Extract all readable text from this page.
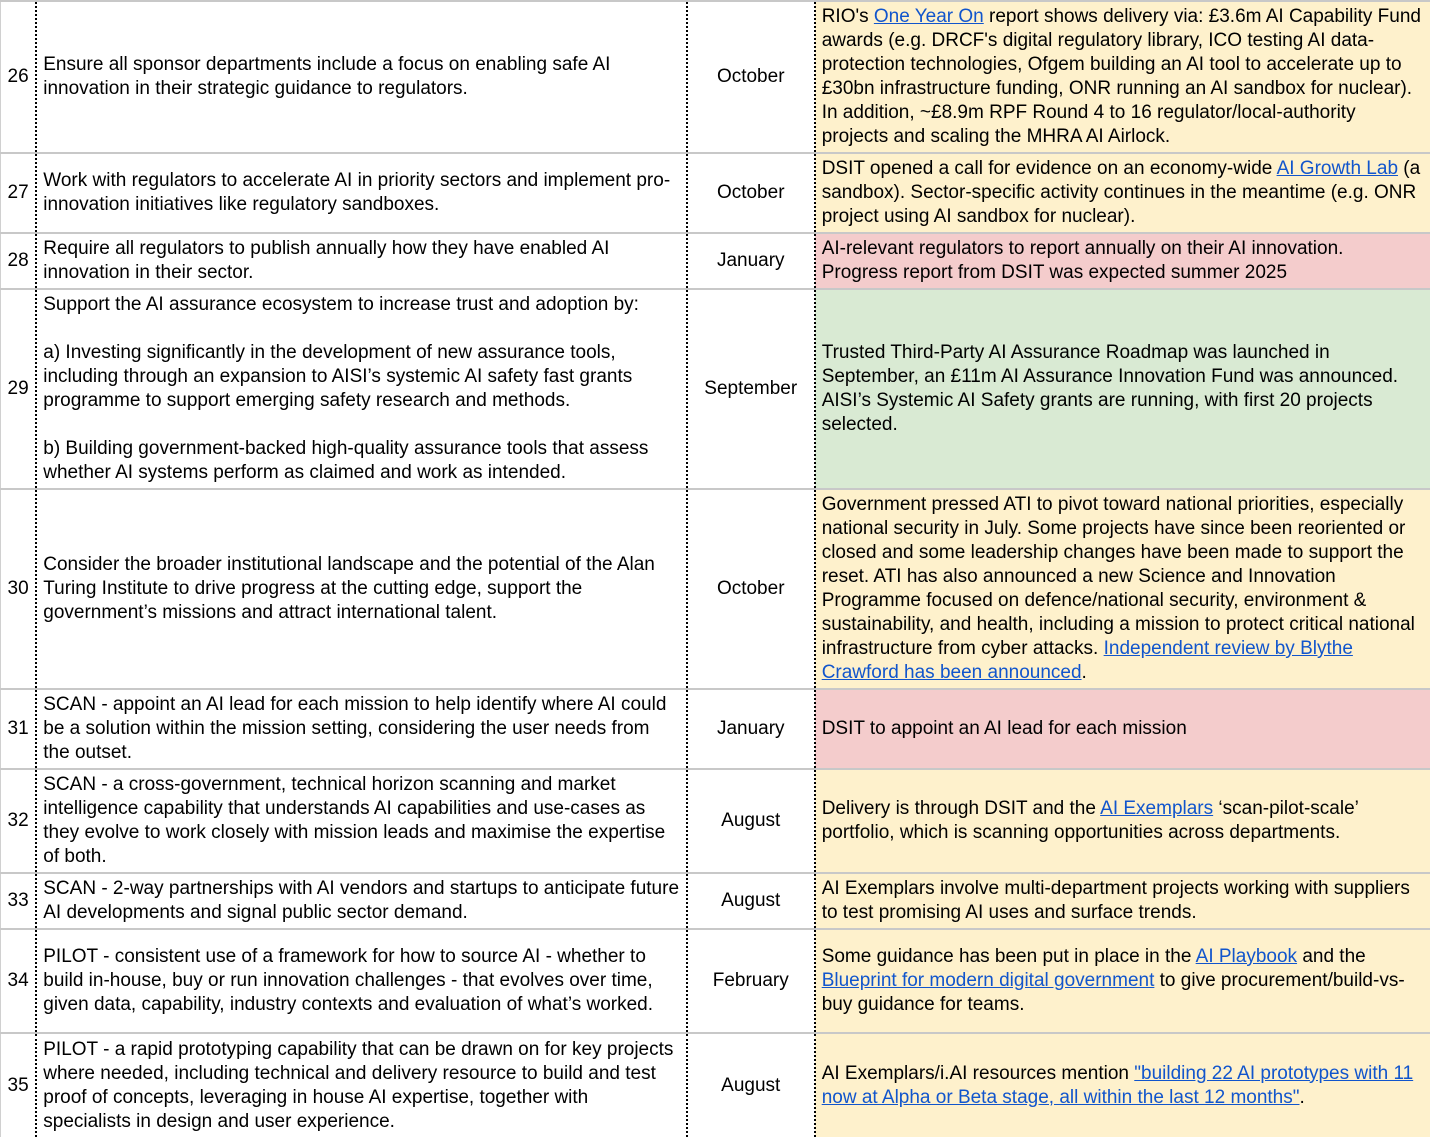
26	Ensure all sponsor departments include a focus on enabling safe AI innovation in their strategic guidance to regulators.	October	RIO's One Year On report shows delivery via: £3.6m AI Capability Fund awards (e.g. DRCF's digital regulatory library, ICO testing AI data-protection technologies, Ofgem building an AI tool to accelerate up to £30bn infrastructure funding, ONR running an AI sandbox for nuclear). In addition, ~£8.9m RPF Round 4 to 16 regulator/local-authority projects and scaling the MHRA AI Airlock.
27	Work with regulators to accelerate AI in priority sectors and implement pro-innovation initiatives like regulatory sandboxes.	October	DSIT opened a call for evidence on an economy-wide AI Growth Lab (a sandbox). Sector-specific activity continues in the meantime (e.g. ONR project using AI sandbox for nuclear).
28	Require all regulators to publish annually how they have enabled AI innovation in their sector.	January	AI-relevant regulators to report annually on their AI innovation. Progress report from DSIT was expected summer 2025
29	Support the AI assurance ecosystem to increase trust and adoption by:
a) Investing significantly in the development of new assurance tools, including through an expansion to AISI’s systemic AI safety fast grants programme to support emerging safety research and methods.
b) Building government-backed high-quality assurance tools that assess whether AI systems perform as claimed and work as intended.	September	Trusted Third-Party AI Assurance Roadmap was launched in September, an £11m AI Assurance Innovation Fund was announced. AISI’s Systemic AI Safety grants are running, with first 20 projects selected.
30	Consider the broader institutional landscape and the potential of the Alan Turing Institute to drive progress at the cutting edge, support the government’s missions and attract international talent.	October	Government pressed ATI to pivot toward national priorities, especially national security in July. Some projects have since been reoriented or closed and some leadership changes have been made to support the reset. ATI has also announced a new Science and Innovation Programme focused on defence/national security, environment & sustainability, and health, including a mission to protect critical national infrastructure from cyber attacks. Independent review by Blythe Crawford has been announced.
31	SCAN - appoint an AI lead for each mission to help identify where AI could be a solution within the mission setting, considering the user needs from the outset.	January	DSIT to appoint an AI lead for each mission
32	SCAN - a cross-government, technical horizon scanning and market intelligence capability that understands AI capabilities and use-cases as they evolve to work closely with mission leads and maximise the expertise of both.	August	Delivery is through DSIT and the AI Exemplars ‘scan-pilot-scale’ portfolio, which is scanning opportunities across departments.
33	SCAN - 2-way partnerships with AI vendors and startups to anticipate future AI developments and signal public sector demand.	August	AI Exemplars involve multi-department projects working with suppliers to test promising AI uses and surface trends.
34	PILOT - consistent use of a framework for how to source AI - whether to build in-house, buy or run innovation challenges - that evolves over time, given data, capability, industry contexts and evaluation of what’s worked.	February	Some guidance has been put in place in the AI Playbook and the Blueprint for modern digital government to give procurement/build-vs-buy guidance for teams.
35	PILOT - a rapid prototyping capability that can be drawn on for key projects where needed, including technical and delivery resource to build and test proof of concepts, leveraging in house AI expertise, together with specialists in design and user experience.	August	AI Exemplars/i.AI resources mention "building 22 AI prototypes with 11 now at Alpha or Beta stage, all within the last 12 months".
